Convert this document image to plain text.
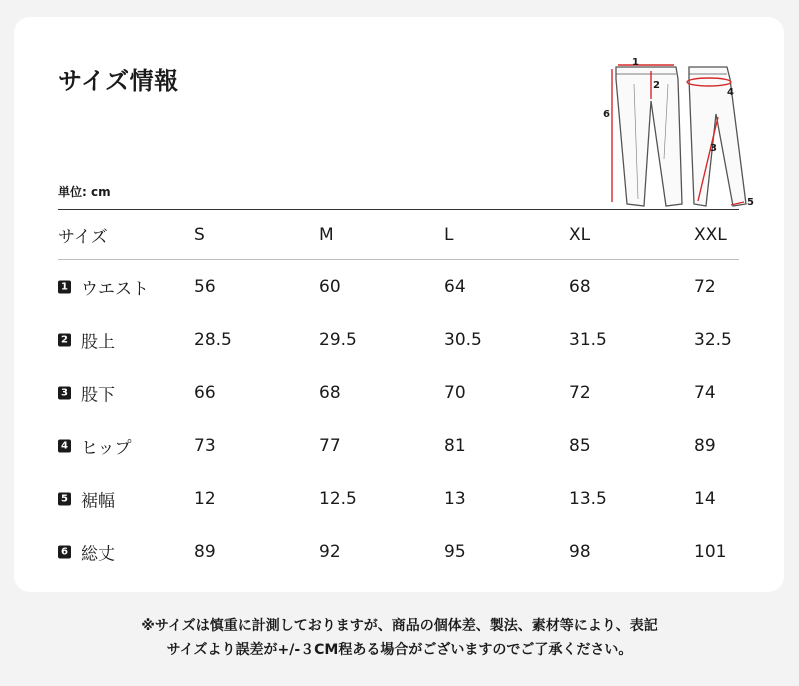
サイズ情報
単位: cm
1
2
3
4
5
6
サイズ	S	M	L	XL	XXL
1 ウエスト	56	60	64	68	72
2 股上	28.5	29.5	30.5	31.5	32.5
3 股下	66	68	70	72	74
4 ヒップ	73	77	81	85	89
5 裾幅	12	12.5	13	13.5	14
6 総丈	89	92	95	98	101
※サイズは慎重に計測しておりますが、商品の個体差、製法、素材等により、表記
サイズより誤差が+/-３CM程ある場合がございますのでご了承ください。
